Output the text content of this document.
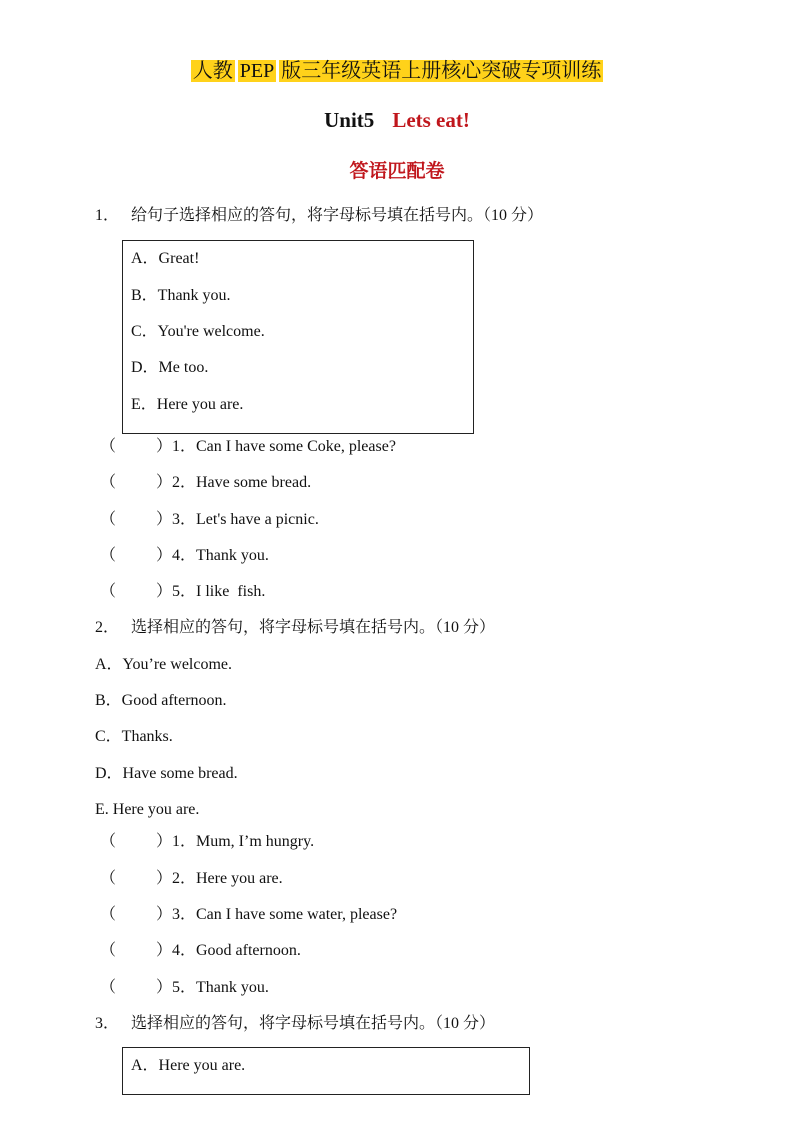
人教 PEP 版三年级英语上册核心突破专项训练
Unit5 Lets eat!
答语匹配卷
1． 给句子选择相应的答句，将字母标号填在括号内。（10 分）
A．Great!
B．Thank you.
C．You're welcome.
D．Me too.
E．Here you are.
（ ）1．Can I have some Coke, please?
（ ）2．Have some bread.
（ ）3．Let's have a picnic.
（ ）4．Thank you.
（ ）5．I like  fish.
2． 选择相应的答句，将字母标号填在括号内。（10 分）
A．You’re welcome.
B．Good afternoon.
C．Thanks.
D．Have some bread.
E. Here you are.
（ ）1．Mum, I’m hungry.
（ ）2．Here you are.
（ ）3．Can I have some water, please?
（ ）4．Good afternoon.
（ ）5．Thank you.
3． 选择相应的答句，将字母标号填在括号内。（10 分）
A．Here you are.
